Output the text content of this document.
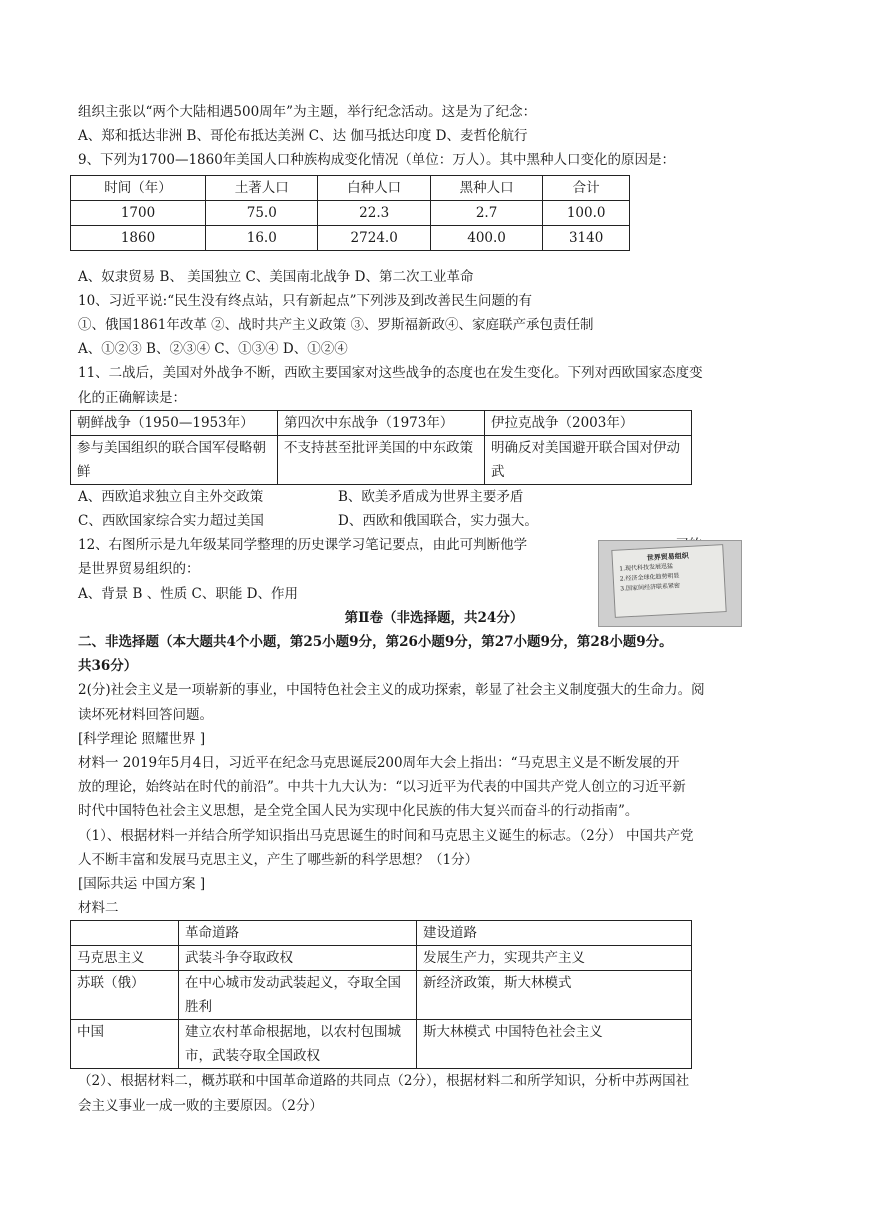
组织主张以“两个大陆相遇500周年”为主题，举行纪念活动。这是为了纪念：
A、郑和抵达非洲 B、哥伦布抵达美洲 C、达 伽马抵达印度 D、麦哲伦航行
9、下列为1700—1860年美国人口种族构成变化情况（单位：万人）。其中黑种人口变化的原因是：
时间（年）	土著人口	白种人口	黑种人口	合计
1700	75.0	22.3	2.7	100.0
1860	16.0	2724.0	400.0	3140
A、奴隶贸易 B、 美国独立 C、美国南北战争 D、第二次工业革命
10、习近平说:“民生没有终点站，只有新起点”下列涉及到改善民生问题的有
①、俄国1861年改革 ②、战时共产主义政策 ③、罗斯福新政④、家庭联产承包责任制
A、①②③ B、②③④ C、①③④ D、①②④
11、二战后，美国对外战争不断，西欧主要国家对这些战争的态度也在发生变化。下列对西欧国家态度变
化的正确解读是：
朝鲜战争（1950—1953年）	第四次中东战争（1973年）	伊拉克战争（2003年）
参与美国组织的联合国军侵略朝鲜	不支持甚至批评美国的中东政策	明确反对美国避开联合国对伊动武
A、西欧追求独立自主外交政策	B、欧美矛盾成为世界主要矛盾
C、西欧国家综合实力超过美国	D、西欧和俄国联合，实力强大。
12、右图所示是九年级某同学整理的历史课学习笔记要点，由此可判断他学
是世界贸易组织的：
A、背景 B 、性质 C、职能 D、作用
第Ⅱ卷（非选择题，共24分）
二、非选择题（本大题共4个小题，第25小题9分，第26小题9分，第27小题9分，第28小题9分。
共36分）
2(分)社会主义是一项崭新的事业，中国特色社会主义的成功探索，彰显了社会主义制度强大的生命力。阅
读坏死材料回答问题。
[科学理论 照耀世界 ]
材料一 2019年5月4日，习近平在纪念马克思诞辰200周年大会上指出：“马克思主义是不断发展的开
放的理论，始终站在时代的前沿”。中共十九大认为：“以习近平为代表的中国共产党人创立的习近平新
时代中国特色社会主义思想，是全党全国人民为实现中化民族的伟大复兴而奋斗的行动指南”。
（1）、根据材料一并结合所学知识指出马克思诞生的时间和马克思主义诞生的标志。（2分） 中国共产党
人不断丰富和发展马克思主义，产生了哪些新的科学思想？（1分）
[国际共运 中国方案 ]
材料二
	革命道路	建设道路
马克思主义	武装斗争夺取政权	发展生产力，实现共产主义
苏联（俄）	在中心城市发动武装起义，夺取全国胜利	新经济政策，斯大林模式
中国	建立农村革命根据地，以农村包围城市，武装夺取全国政权	斯大林模式 中国特色社会主义
（2）、根据材料二，概苏联和中国革命道路的共同点（2分），根据材料二和所学知识，分析中苏两国社
会主义事业一成一败的主要原因。（2分）
世界贸易组织
1.现代科技发展迅猛
2.经济全球化趋势明显
3.国家间经济联系紧密
